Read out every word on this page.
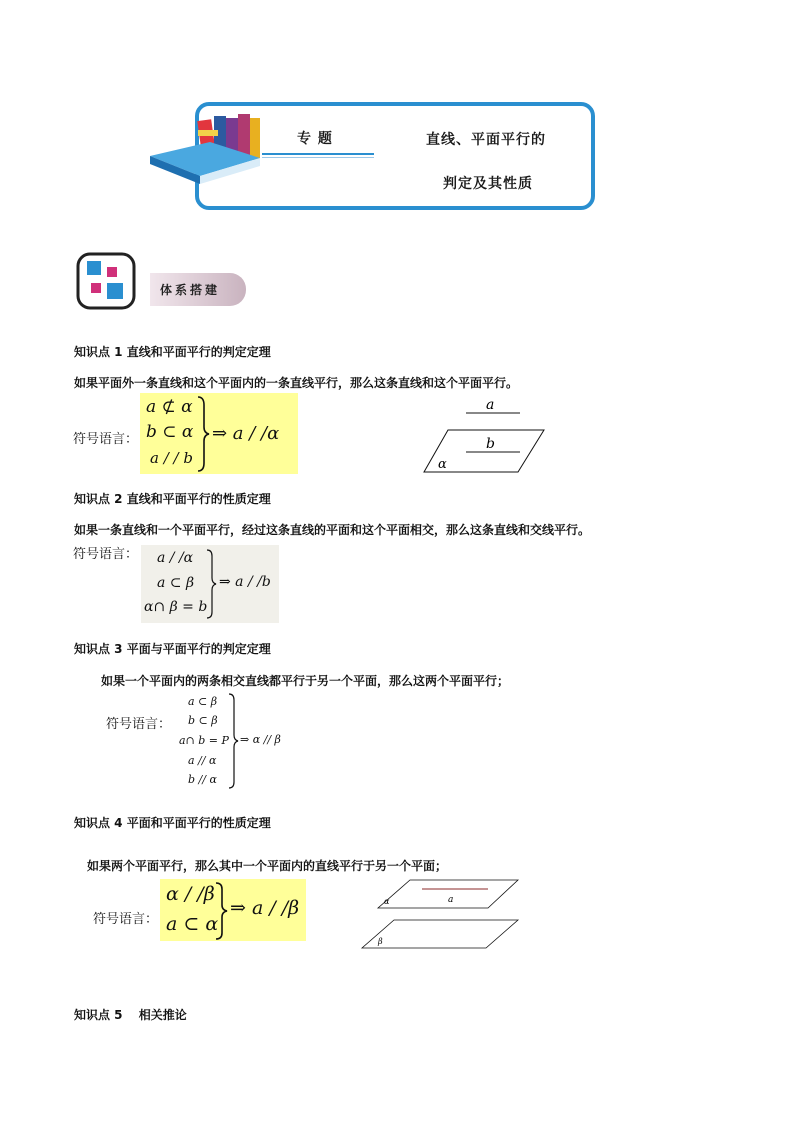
专 题	直线、平面平行的
判定及其性质
体系搭建
知识点 1 直线和平面平行的判定定理
如果平面外一条直线和这个平面内的一条直线平行，那么这条直线和这个平面平行。
符号语言：
a ⊄ α
b ⊂ α
a / / b
⇒ a / /α
a
b
α
知识点 2 直线和平面平行的性质定理
如果一条直线和一个平面平行，经过这条直线的平面和这个平面相交，那么这条直线和交线平行。
符号语言： a / /α
a ⊂ β
α∩ β = b
⇒ a / /b
知识点 3 平面与平面平行的判定定理
如果一个平面内的两条相交直线都平行于另一个平面，那么这两个平面平行；
符号语言：
a ⊂ β
b ⊂ β
a∩ b = P
a // α
b // α
⇒ α // β
知识点 4 平面和平面平行的性质定理
如果两个平面平行，那么其中一个平面内的直线平行于另一个平面；
符号语言：
α / /β
a ⊂ α
⇒ a / /β	a
α
β
知识点 5　 相关推论
